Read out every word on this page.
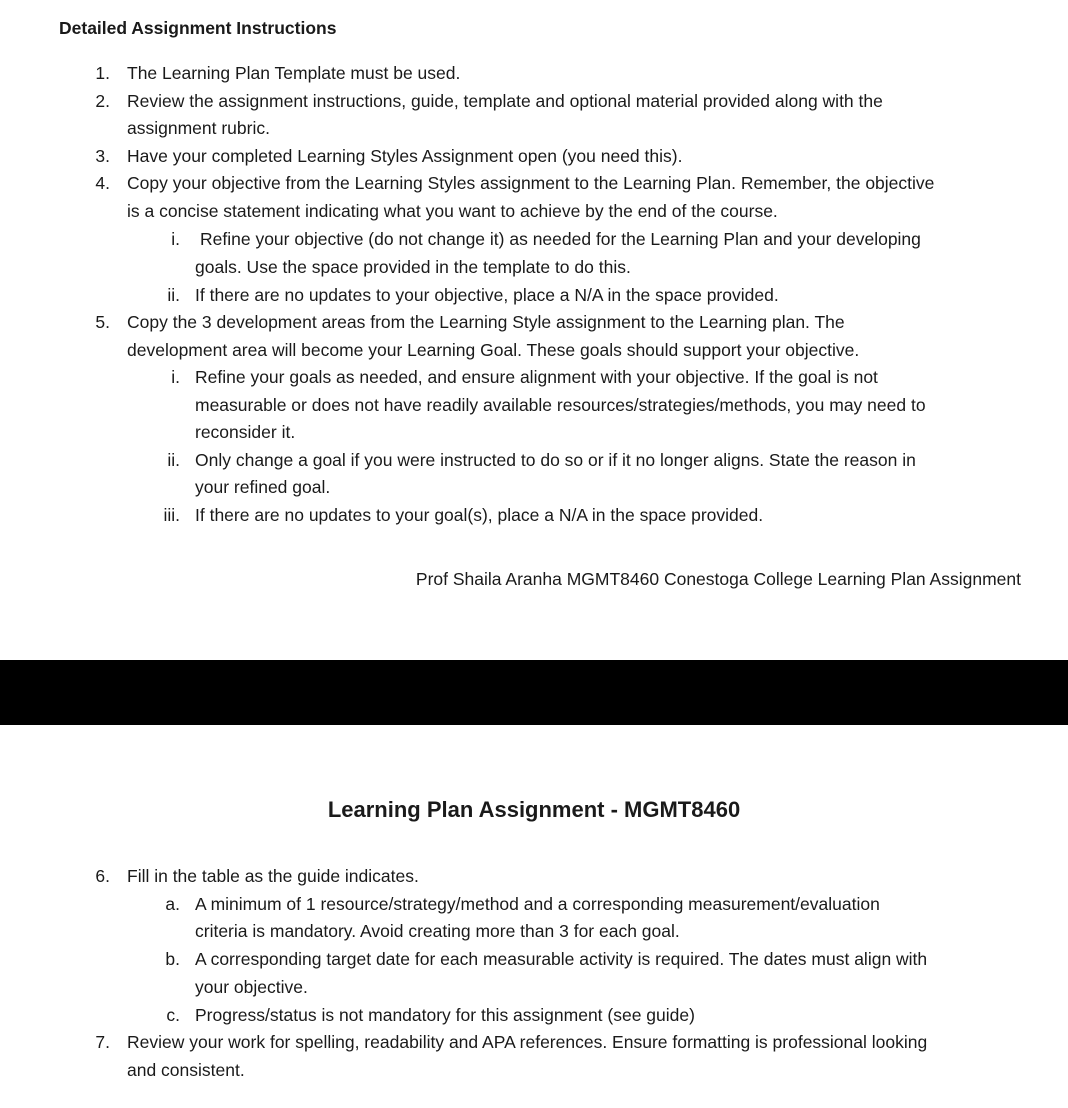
Detailed Assignment Instructions
1. The Learning Plan Template must be used.
2. Review the assignment instructions, guide, template and optional material provided along with the
assignment rubric.
3. Have your completed Learning Styles Assignment open (you need this).
4. Copy your objective from the Learning Styles assignment to the Learning Plan. Remember, the objective
is a concise statement indicating what you want to achieve by the end of the course.
i. Refine your objective (do not change it) as needed for the Learning Plan and your developing
goals. Use the space provided in the template to do this.
ii. If there are no updates to your objective, place a N/A in the space provided.
5. Copy the 3 development areas from the Learning Style assignment to the Learning plan. The
development area will become your Learning Goal. These goals should support your objective.
i. Refine your goals as needed, and ensure alignment with your objective. If the goal is not
measurable or does not have readily available resources/strategies/methods, you may need to
reconsider it.
ii. Only change a goal if you were instructed to do so or if it no longer aligns. State the reason in
your refined goal.
iii. If there are no updates to your goal(s), place a N/A in the space provided.
Prof Shaila Aranha MGMT8460 Conestoga College Learning Plan Assignment
Learning Plan Assignment - MGMT8460
6. Fill in the table as the guide indicates.
a. A minimum of 1 resource/strategy/method and a corresponding measurement/evaluation
criteria is mandatory. Avoid creating more than 3 for each goal.
b. A corresponding target date for each measurable activity is required. The dates must align with
your objective.
c. Progress/status is not mandatory for this assignment (see guide)
7. Review your work for spelling, readability and APA references. Ensure formatting is professional looking
and consistent.
